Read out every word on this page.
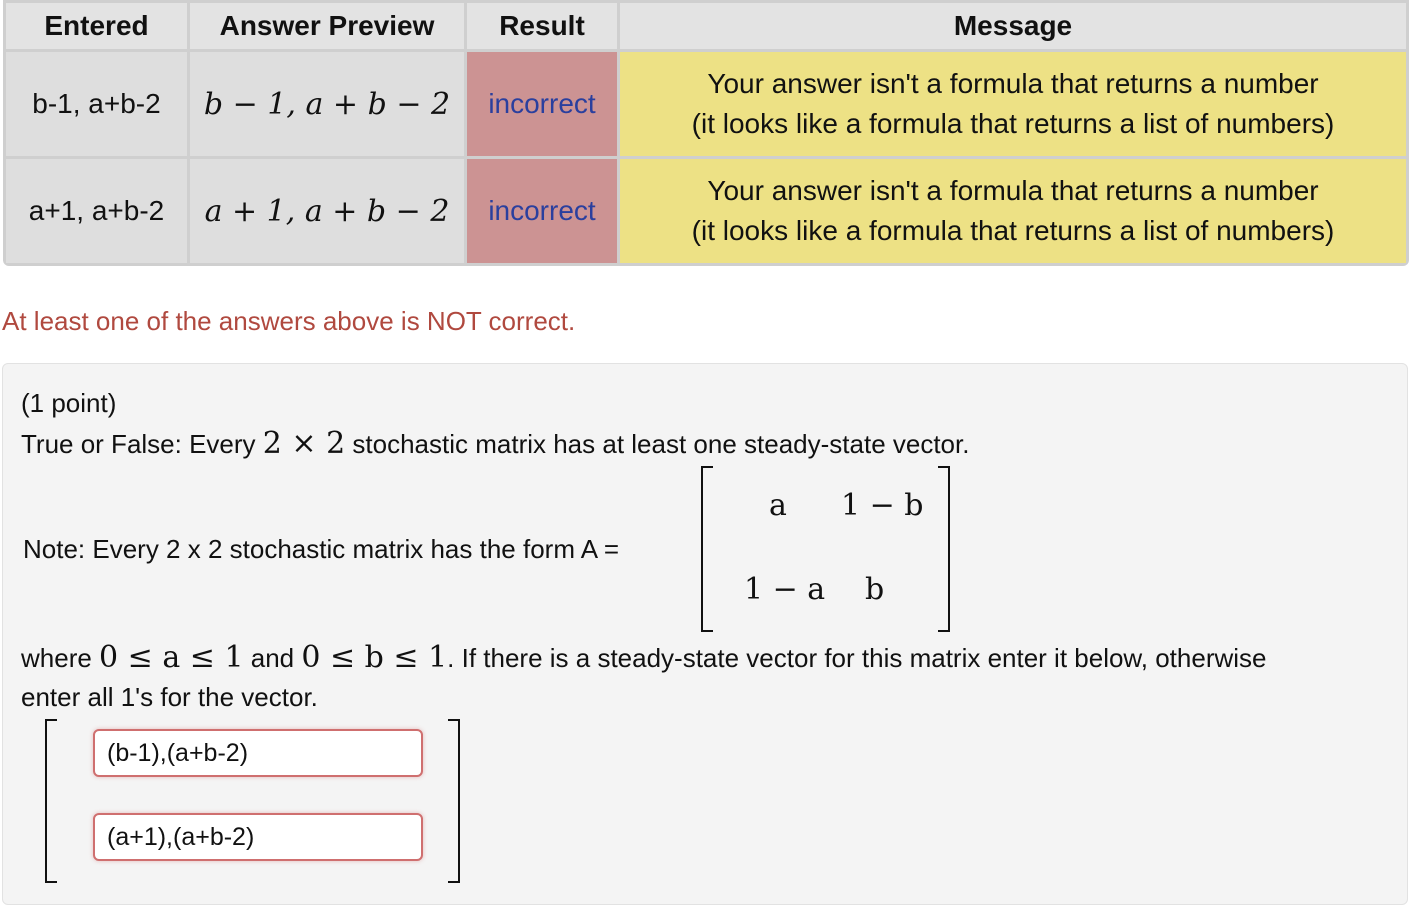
Entered	Answer Preview	Result	Message
b-1, a+b-2	b − 1, a + b − 2	incorrect	Your answer isn't a formula that returns a number
(it looks like a formula that returns a list of numbers)

a+1, a+b-2	a + 1, a + b − 2	incorrect	Your answer isn't a formula that returns a number
(it looks like a formula that returns a list of numbers)
At least one of the answers above is NOT correct.
(1 point)
True or False: Every 2 × 2 stochastic matrix has at least one steady-state vector.
Note: Every 2 x 2 stochastic matrix has the form A =
a 1 − b
1 − a b
where 0 ≤ a ≤ 1 and 0 ≤ b ≤ 1. If there is a steady-state vector for this matrix enter it below, otherwise
enter all 1's for the vector.
(b-1),(a+b-2)
(a+1),(a+b-2)
